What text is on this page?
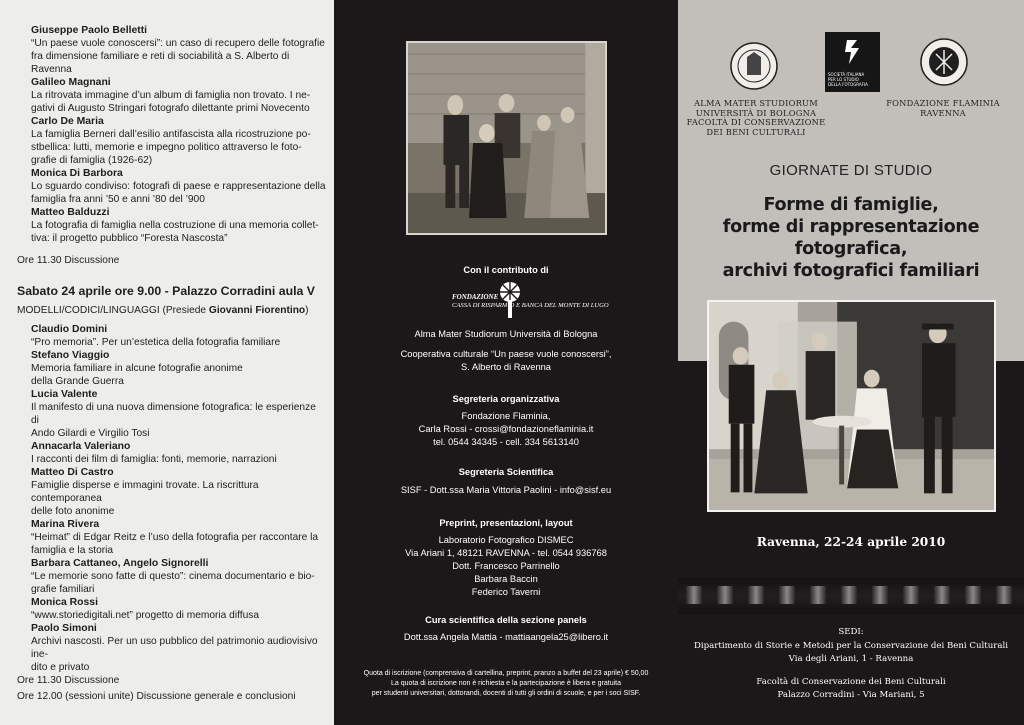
Giuseppe Paolo Belletti
“Un paese vuole conoscersi”: un caso di recupero delle fotografie
fra dimensione familiare e reti di sociabilità a S. Alberto di Ravenna
Galileo Magnani
La ritrovata immagine d’un album di famiglia non trovato. I ne-
gativi di Augusto Stringari fotografo dilettante primi Novecento
Carlo De Maria
La famiglia Berneri dall’esilio antifascista alla ricostruzione po-
stbellica: lutti, memorie e impegno politico attraverso le foto-
grafie di famiglia (1926-62)
Monica Di Barbora
Lo sguardo condiviso: fotografi di paese e rappresentazione della
famiglia fra anni ’50 e anni ’80 del ’900
Matteo Balduzzi
La fotografia di famiglia nella costruzione di una memoria collet-
tiva: il progetto pubblico “Foresta Nascosta”
Ore 11.30 Discussione
Sabato 24 aprile ore 9.00 - Palazzo Corradini aula V
MODELLI/CODICI/LINGUAGGI (Presiede Giovanni Fiorentino)
Claudio Domini
“Pro memoria”. Per un’estetica della fotografia familiare
Stefano Viaggio
Memoria familiare in alcune fotografie anonime
della Grande Guerra
Lucia Valente
Il manifesto di una nuova dimensione fotografica: le esperienze di
Ando Gilardi e Virgilio Tosi
Annacarla Valeriano
I racconti dei film di famiglia: fonti, memorie, narrazioni
Matteo Di Castro
Famiglie disperse e immagini trovate. La riscrittura contemporanea
delle foto anonime
Marina Rivera
“Heimat” di Edgar Reitz e l’uso della fotografia per raccontare la
famiglia e la storia
Barbara Cattaneo, Angelo Signorelli
“Le memorie sono fatte di questo”: cinema documentario e bio-
grafie familiari
Monica Rossi
“www.storiedigitali.net” progetto di memoria diffusa
Paolo Simoni
Archivi nascosti. Per un uso pubblico del patrimonio audiovisivo ine-
dito e privato
Ore 11.30 Discussione
Ore 12.00 (sessioni unite) Discussione generale e conclusioni
Con il contributo di
FONDAZIONE
CASSA DI RISPARMIO E BANCA DEL MONTE DI LUGO
Alma Mater Studiorum Università di Bologna
Cooperativa culturale “Un paese vuole conoscersi”,
S. Alberto di Ravenna
Segreteria organizzativa
Fondazione Flaminia,
Carla Rossi - crossi@fondazioneflaminia.it
tel. 0544 34345 - cell. 334 5613140
Segreteria Scientifica
SISF - Dott.ssa Maria Vittoria Paolini - info@sisf.eu
Preprint, presentazioni, layout
Laboratorio Fotografico DISMEC
Via Ariani 1, 48121 RAVENNA - tel. 0544 936768
Dott. Francesco Parrinello
Barbara Baccin
Federico Taverni
Cura scientifica della sezione panels
Dott.ssa Angela Mattia - mattiaangela25@libero.it
Quota di iscrizione (comprensiva di cartellina, preprint, pranzo a buffet del 23 aprile) € 50,00
La quota di iscrizione non è richiesta e la partecipazione è libera e gratuita
per studenti universitari, dottorandi, docenti di tutti gli ordini di scuole, e per i soci SISF.
SOCIETÀ ITALIANA
PER LO STUDIO
DELLA FOTOGRAFIA
ALMA MATER STUDIORUM
UNIVERSITÀ DI BOLOGNA
FACOLTÀ DI CONSERVAZIONE
DEI BENI CULTURALI
FONDAZIONE FLAMINIA
RAVENNA
GIORNATE DI STUDIO
Forme di famiglie,
forme di rappresentazione
fotografica,
archivi fotografici familiari
Ravenna, 22-24 aprile 2010
SEDI:
Dipartimento di Storie e Metodi per la Conservazione dei Beni Culturali
Via degli Ariani, 1 - Ravenna
Facoltà di Conservazione dei Beni Culturali
Palazzo Corradini - Via Mariani, 5
